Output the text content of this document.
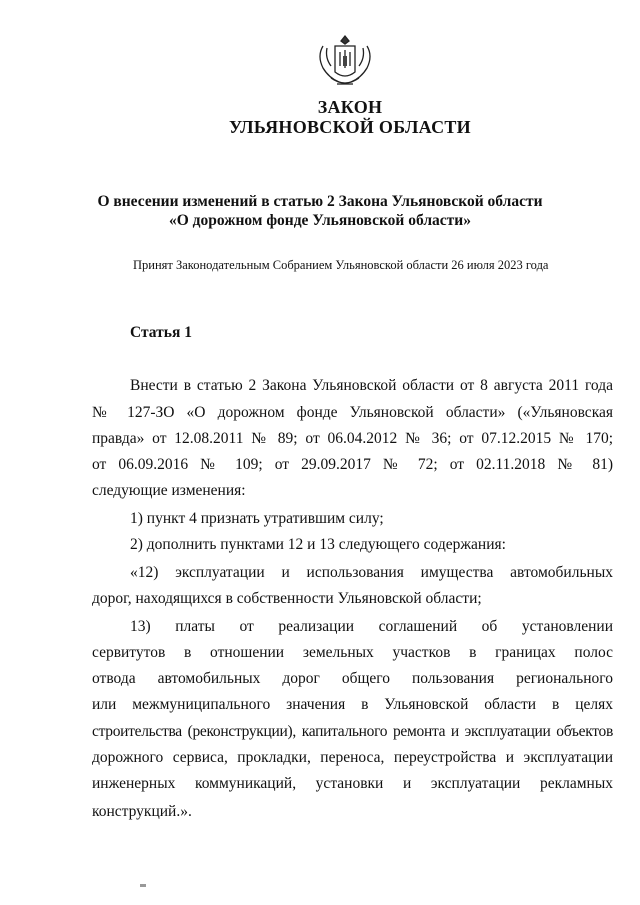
ЗАКОН
УЛЬЯНОВСКОЙ ОБЛАСТИ
О внесении изменений в статью 2 Закона Ульяновской области
«О дорожном фонде Ульяновской области»
Принят Законодательным Собранием Ульяновской области 26 июля 2023 года
Статья 1
Внести в статью 2 Закона Ульяновской области от 8 августа 2011 года
№ 127-ЗО «О дорожном фонде Ульяновской области» («Ульяновская
правда» от 12.08.2011 № 89; от 06.04.2012 № 36; от 07.12.2015 № 170;
от 06.09.2016 № 109; от 29.09.2017 № 72; от 02.11.2018 № 81)
следующие изменения:
1) пункт 4 признать утратившим силу;
2) дополнить пунктами 12 и 13 следующего содержания:
«12) эксплуатации и использования имущества автомобильных
дорог, находящихся в собственности Ульяновской области;
13) платы от реализации соглашений об установлении
сервитутов в отношении земельных участков в границах полос
отвода автомобильных дорог общего пользования регионального
или межмуниципального значения в Ульяновской области в целях
строительства (реконструкции), капитального ремонта и эксплуатации объектов
дорожного сервиса, прокладки, переноса, переустройства и эксплуатации
инженерных коммуникаций, установки и эксплуатации рекламных
конструкций.».
